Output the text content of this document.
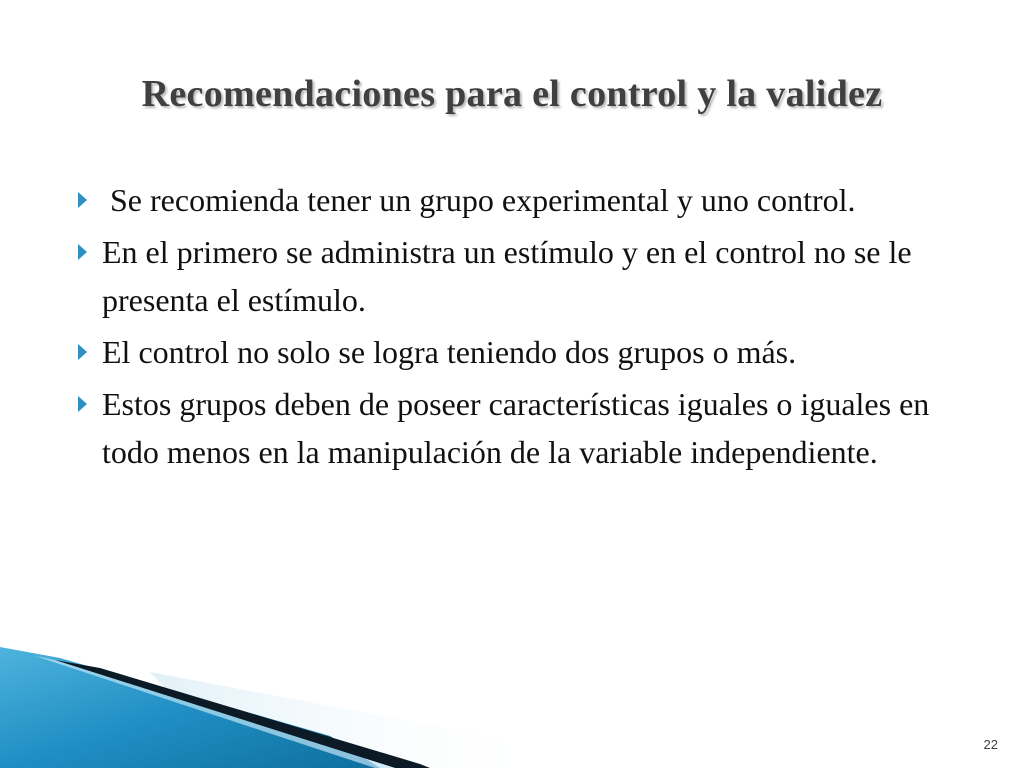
Recomendaciones para el control y la validez
Se recomienda tener un grupo experimental y uno control.
En el primero se administra un estímulo y en el control no se le presenta el estímulo.
El control no solo se logra teniendo dos grupos o más.
Estos grupos deben de poseer características iguales o iguales en todo menos en la manipulación de la variable independiente.
22
